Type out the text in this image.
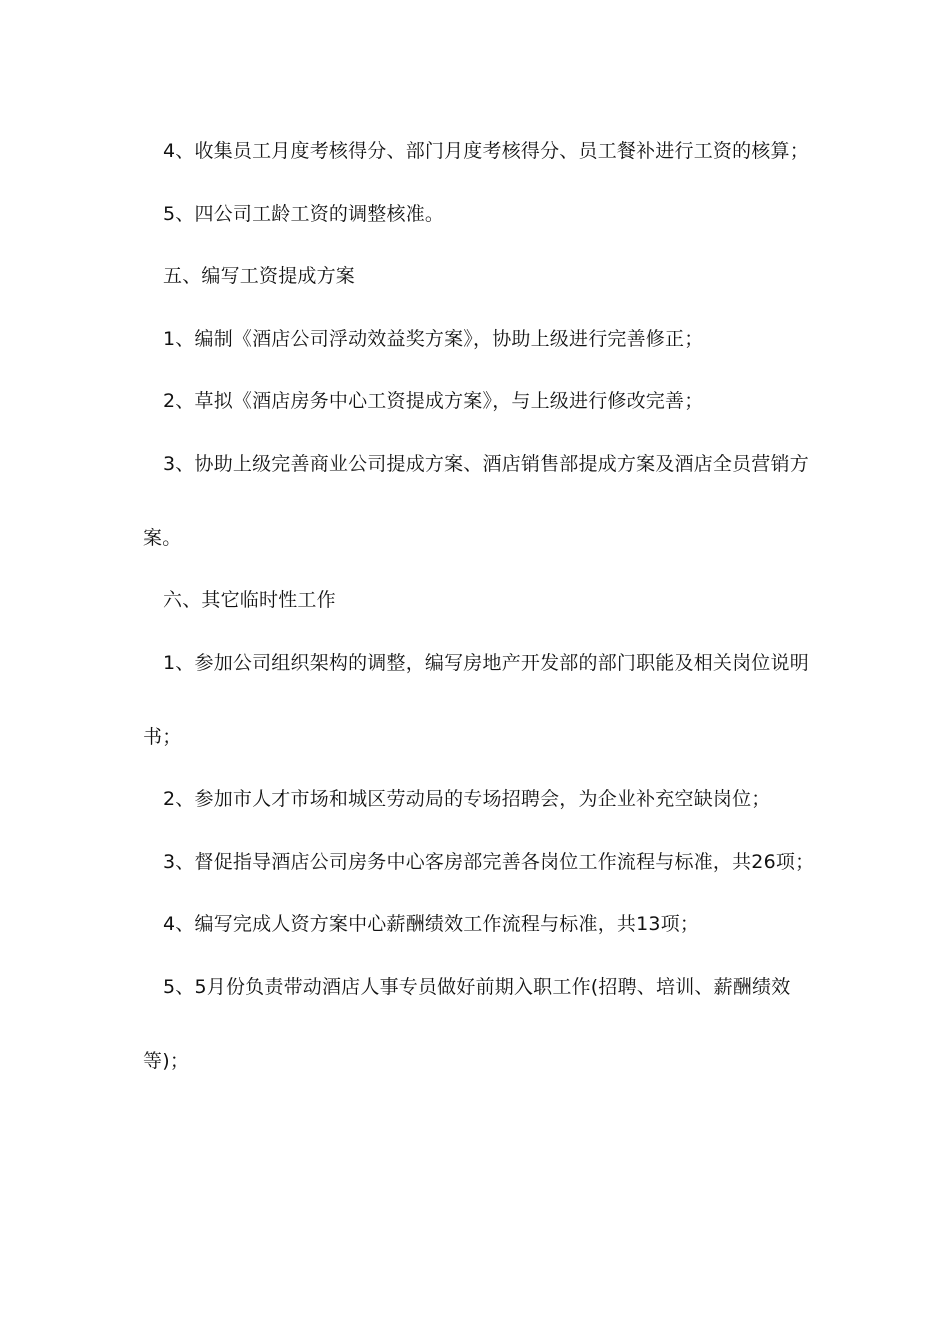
4、收集员工月度考核得分、部门月度考核得分、员工餐补进行工资的核算；
5、四公司工龄工资的调整核准。
五、编写工资提成方案
1、编制《酒店公司浮动效益奖方案》，协助上级进行完善修正；
2、草拟《酒店房务中心工资提成方案》，与上级进行修改完善；
3、协助上级完善商业公司提成方案、酒店销售部提成方案及酒店全员营销方
案。
六、其它临时性工作
1、参加公司组织架构的调整，编写房地产开发部的部门职能及相关岗位说明
书；
2、参加市人才市场和城区劳动局的专场招聘会，为企业补充空缺岗位；
3、督促指导酒店公司房务中心客房部完善各岗位工作流程与标准，共26项；
4、编写完成人资方案中心薪酬绩效工作流程与标准，共13项；
5、5月份负责带动酒店人事专员做好前期入职工作(招聘、培训、薪酬绩效
等)；
